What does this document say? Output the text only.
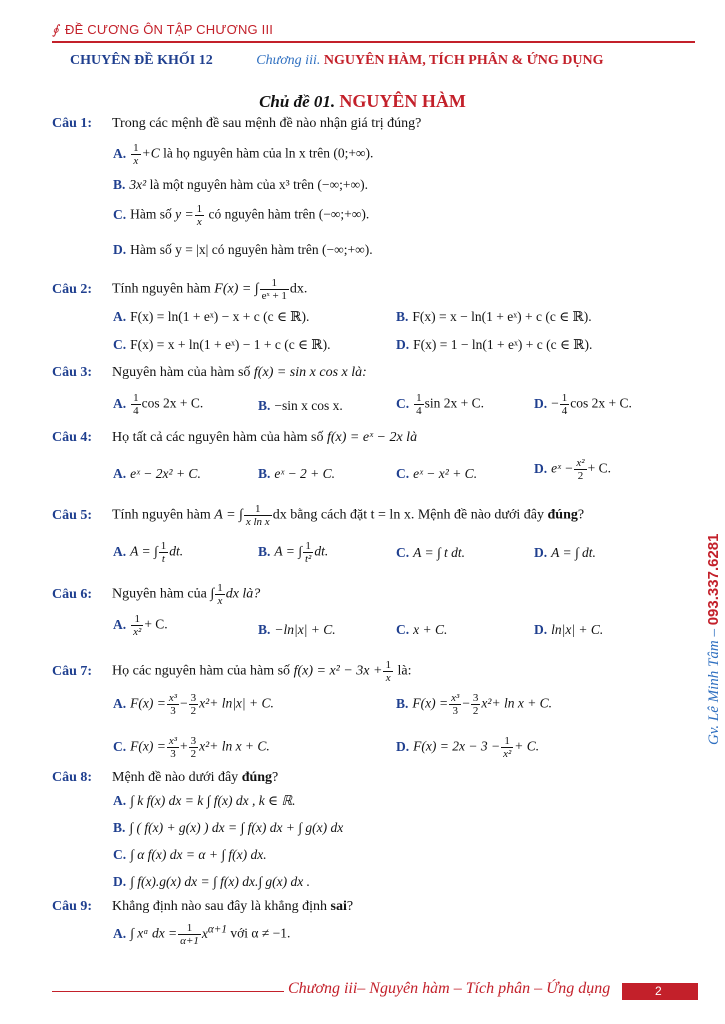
∮ ĐỀ CƯƠNG ÔN TẬP CHƯƠNG III
CHUYÊN ĐỀ KHỐI 12	Chương iii. NGUYÊN HÀM, TÍCH PHÂN & ỨNG DỤNG
Chủ đề 01. NGUYÊN HÀM
Câu 1: Trong các mệnh đề sau mệnh đề nào nhận giá trị đúng?
A. $\frac{1}{x} +C$ là họ nguyên hàm của ln x trên (0;+∞).
B. 3x² là một nguyên hàm của x³ trên (−∞;+∞).
C. Hàm số $y = \frac{1}{x}$ có nguyên hàm trên (−∞;+∞).
D. Hàm số y = |x| có nguyên hàm trên (−∞;+∞).
Câu 2: Tính nguyên hàm F(x) = ∫ $\frac{1}{\text{eˣ + 1}}$ dx.
A. F(x) = ln(1 + eˣ) − x + c (c ∈ ℝ).	B. F(x) = x − ln(1 + eˣ) + c (c ∈ ℝ).
C. F(x) = x + ln(1 + eˣ) − 1 + c (c ∈ ℝ).	D. F(x) = 1 − ln(1 + eˣ) + c (c ∈ ℝ).
Câu 3: Nguyên hàm của hàm số f(x) = sin x cos x là:
A. $\frac{1}{4}$ cos 2x + C.	B. −sin x cos x.	C. $\frac{1}{4}$ sin 2x + C.	D. − $\frac{1}{4}$ cos 2x + C.
Câu 4: Họ tất cả các nguyên hàm của hàm số f(x) = eˣ − 2x là
A. eˣ − 2x² + C.	B. eˣ − 2 + C.	C. eˣ − x² + C.	D. eˣ − $\frac{\text{x²}}{2} + C$.
Câu 5: Tính nguyên hàm A = ∫ $\frac{1}{\text{x ln x}}$ dx bằng cách đặt t = ln x. Mệnh đề nào dưới đây đúng?
A. A = ∫ $\frac{1}{t}$ dt.	B. A = ∫ $\frac{1}{\text{t²}}$ dt.	C. A = ∫ t dt.	D. A = ∫ dt.
Câu 6: Nguyên hàm của ∫ $\frac{1}{x}$ dx là?
A. $\frac{1}{\text{x²}} + C$.	B. −ln|x| + C.	C. x + C.	D. ln|x| + C.
Câu 7: Họ các nguyên hàm của hàm số $f(x) = x^2 - 3x + \frac{1}{x}$ là:
A. $F(x) = \frac{\text{x³}}{3} - \frac{3}{2} x^2+ \ln|x| + C$.	B. $F(x) = \frac{\text{x³}}{3} - \frac{3}{2} x^2+ \ln x + C$.
C. $F(x) = \frac{\text{x³}}{3} + \frac{3}{2} x^2+ \ln x + C$.	D. $F(x) = 2x - 3 - \frac{1}{\text{x²}} + C$.
Câu 8: Mệnh đề nào dưới đây đúng?
A. ∫ k f(x) dx = k ∫ f(x) dx , k ∈ ℝ.
B. ∫ ( f(x) + g(x) ) dx = ∫ f(x) dx + ∫ g(x) dx
C. ∫ α f(x) dx = α + ∫ f(x) dx.
D. ∫ f(x).g(x) dx = ∫ f(x) dx.∫ g(x) dx .
Câu 9: Khẳng định nào sau đây là khẳng định sai?
A. ∫ xᵅ dx = $\frac{1}{\alpha+1} x^{\alpha+1}$ với α ≠ −1.
Gv. Lê Minh Tâm – 093.337.6281
Chương iii– Nguyên hàm – Tích phân – Ứng dụng	2
